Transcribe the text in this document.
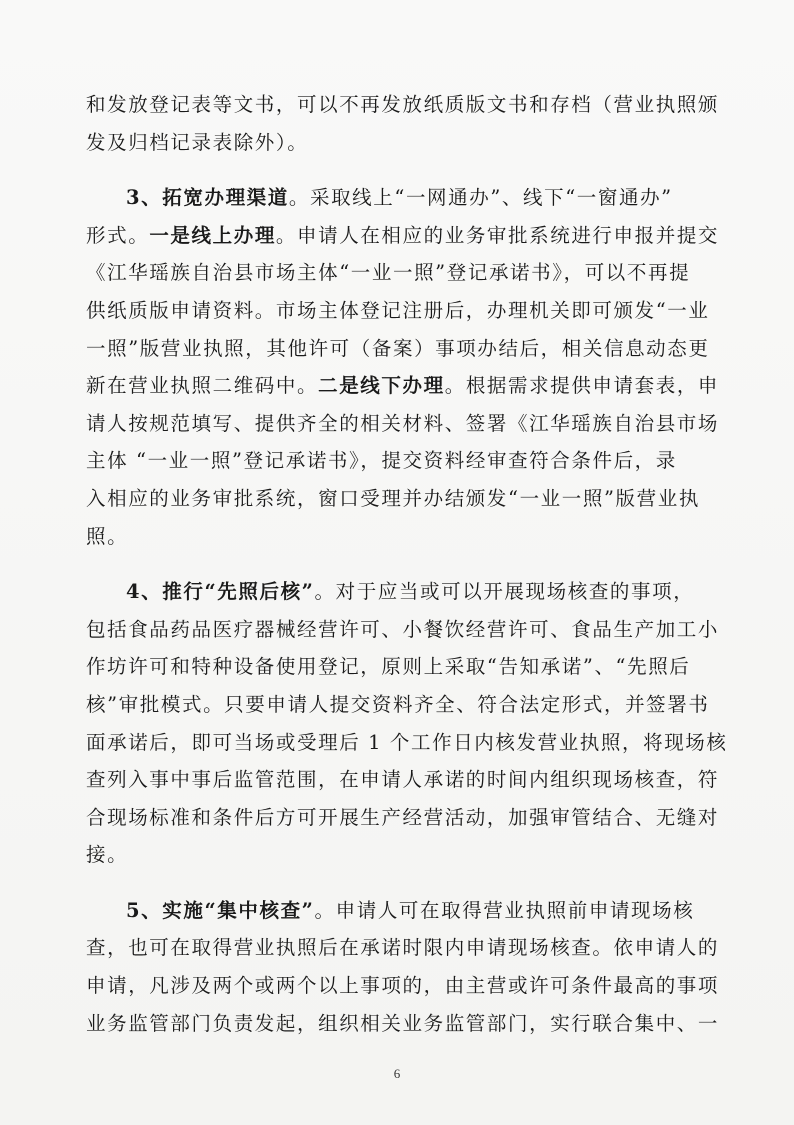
和发放登记表等文书，可以不再发放纸质版文书和存档（营业执照颁
发及归档记录表除外）。
3、拓宽办理渠道。采取线上“一网通办”、线下“一窗通办”
形式。一是线上办理。申请人在相应的业务审批系统进行申报并提交
《江华瑶族自治县市场主体“一业一照”登记承诺书》，可以不再提
供纸质版申请资料。市场主体登记注册后，办理机关即可颁发“一业
一照”版营业执照，其他许可（备案）事项办结后，相关信息动态更
新在营业执照二维码中。二是线下办理。根据需求提供申请套表，申
请人按规范填写、提供齐全的相关材料、签署《江华瑶族自治县市场
主体 “一业一照”登记承诺书》，提交资料经审查符合条件后，录
入相应的业务审批系统，窗口受理并办结颁发“一业一照”版营业执
照。
4、推行“先照后核”。对于应当或可以开展现场核查的事项，
包括食品药品医疗器械经营许可、小餐饮经营许可、食品生产加工小
作坊许可和特种设备使用登记，原则上采取“告知承诺”、“先照后
核”审批模式。只要申请人提交资料齐全、符合法定形式，并签署书
面承诺后，即可当场或受理后 1 个工作日内核发营业执照，将现场核
查列入事中事后监管范围，在申请人承诺的时间内组织现场核查，符
合现场标准和条件后方可开展生产经营活动，加强审管结合、无缝对
接。
5、实施“集中核查”。申请人可在取得营业执照前申请现场核
查，也可在取得营业执照后在承诺时限内申请现场核查。依申请人的
申请，凡涉及两个或两个以上事项的，由主营或许可条件最高的事项
业务监管部门负责发起，组织相关业务监管部门，实行联合集中、一
6
